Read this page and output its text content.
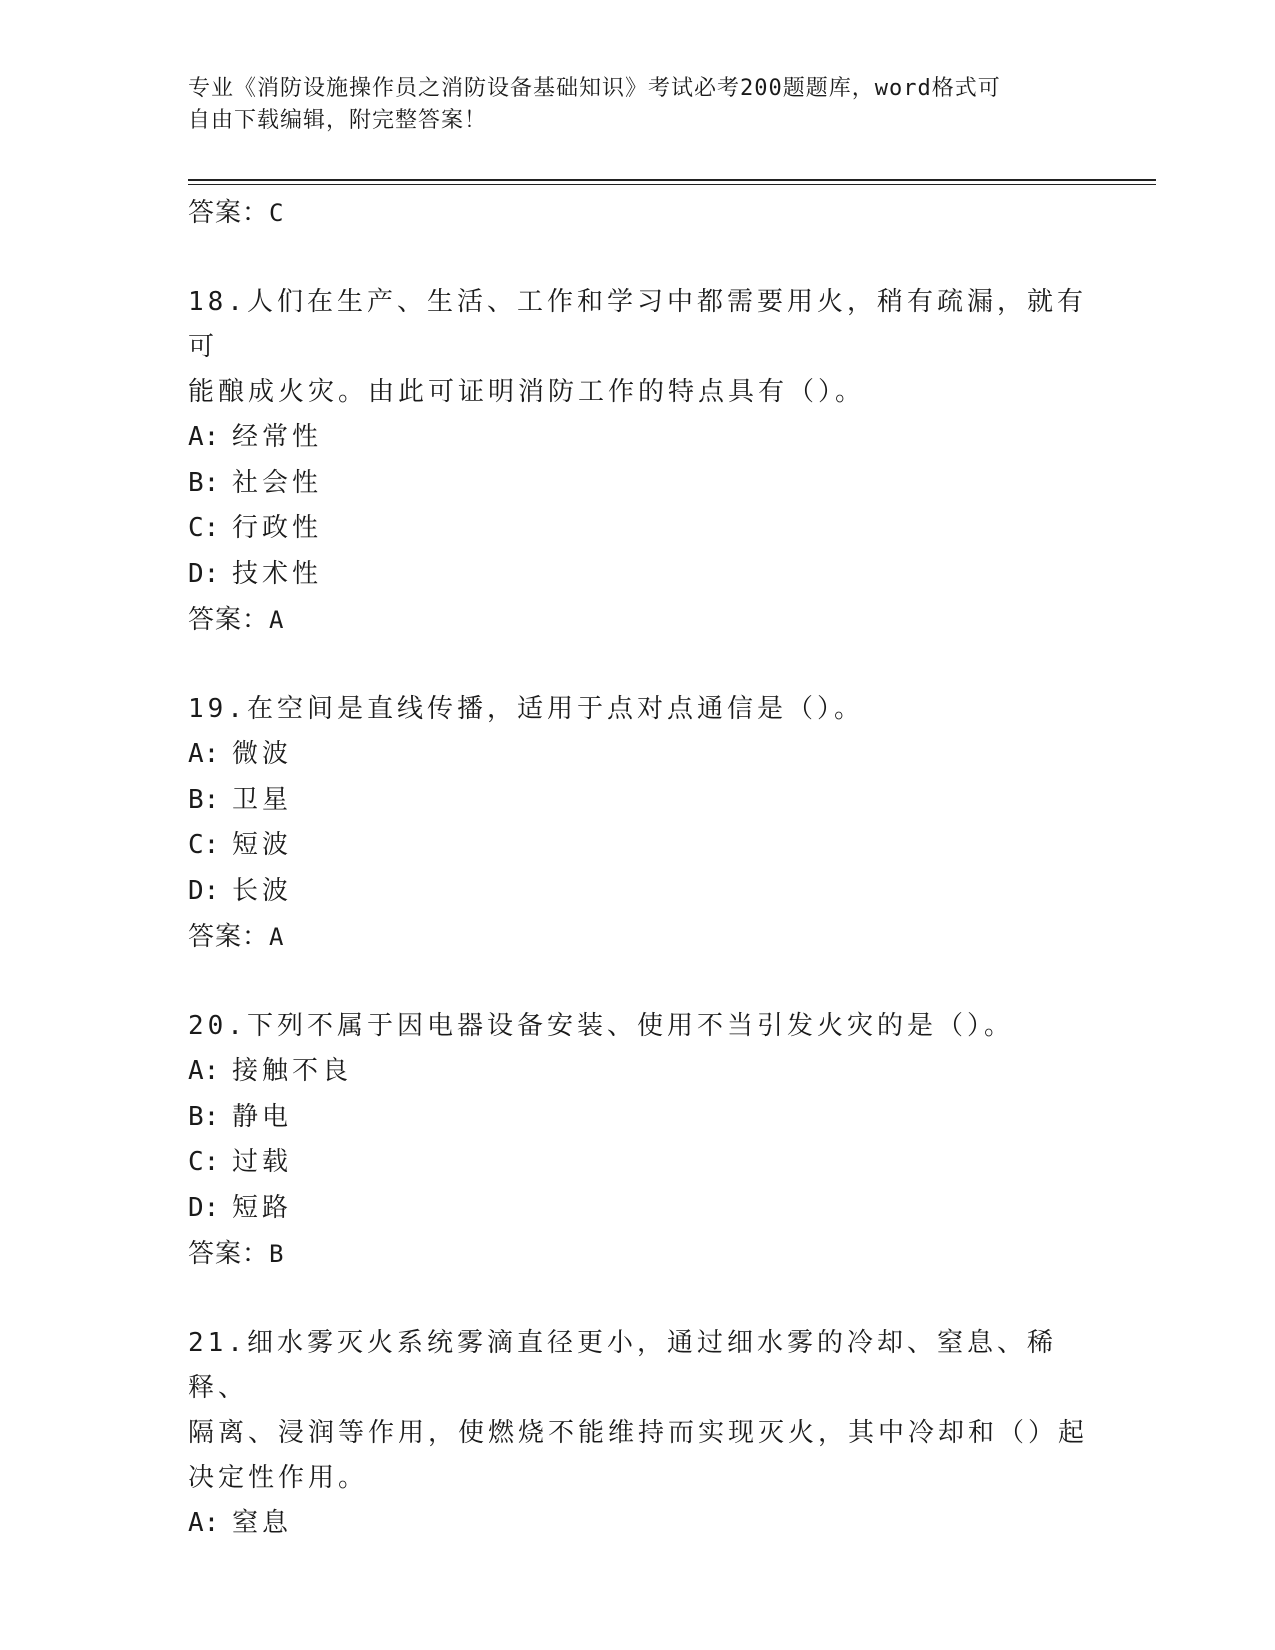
专业《消防设施操作员之消防设备基础知识》考试必考200题题库，word格式可
自由下载编辑，附完整答案！
答案：C
18.人们在生产、生活、工作和学习中都需要用火，稍有疏漏，就有可
能酿成火灾。由此可证明消防工作的特点具有（）。
A: 经常性
B: 社会性
C: 行政性
D: 技术性
答案：A
19.在空间是直线传播，适用于点对点通信是（）。
A: 微波
B: 卫星
C: 短波
D: 长波
答案：A
20.下列不属于因电器设备安装、使用不当引发火灾的是（）。
A: 接触不良
B: 静电
C: 过载
D: 短路
答案：B
21.细水雾灭火系统雾滴直径更小，通过细水雾的冷却、窒息、稀释、
隔离、浸润等作用，使燃烧不能维持而实现灭火，其中冷却和（）起
决定性作用。
A: 窒息
